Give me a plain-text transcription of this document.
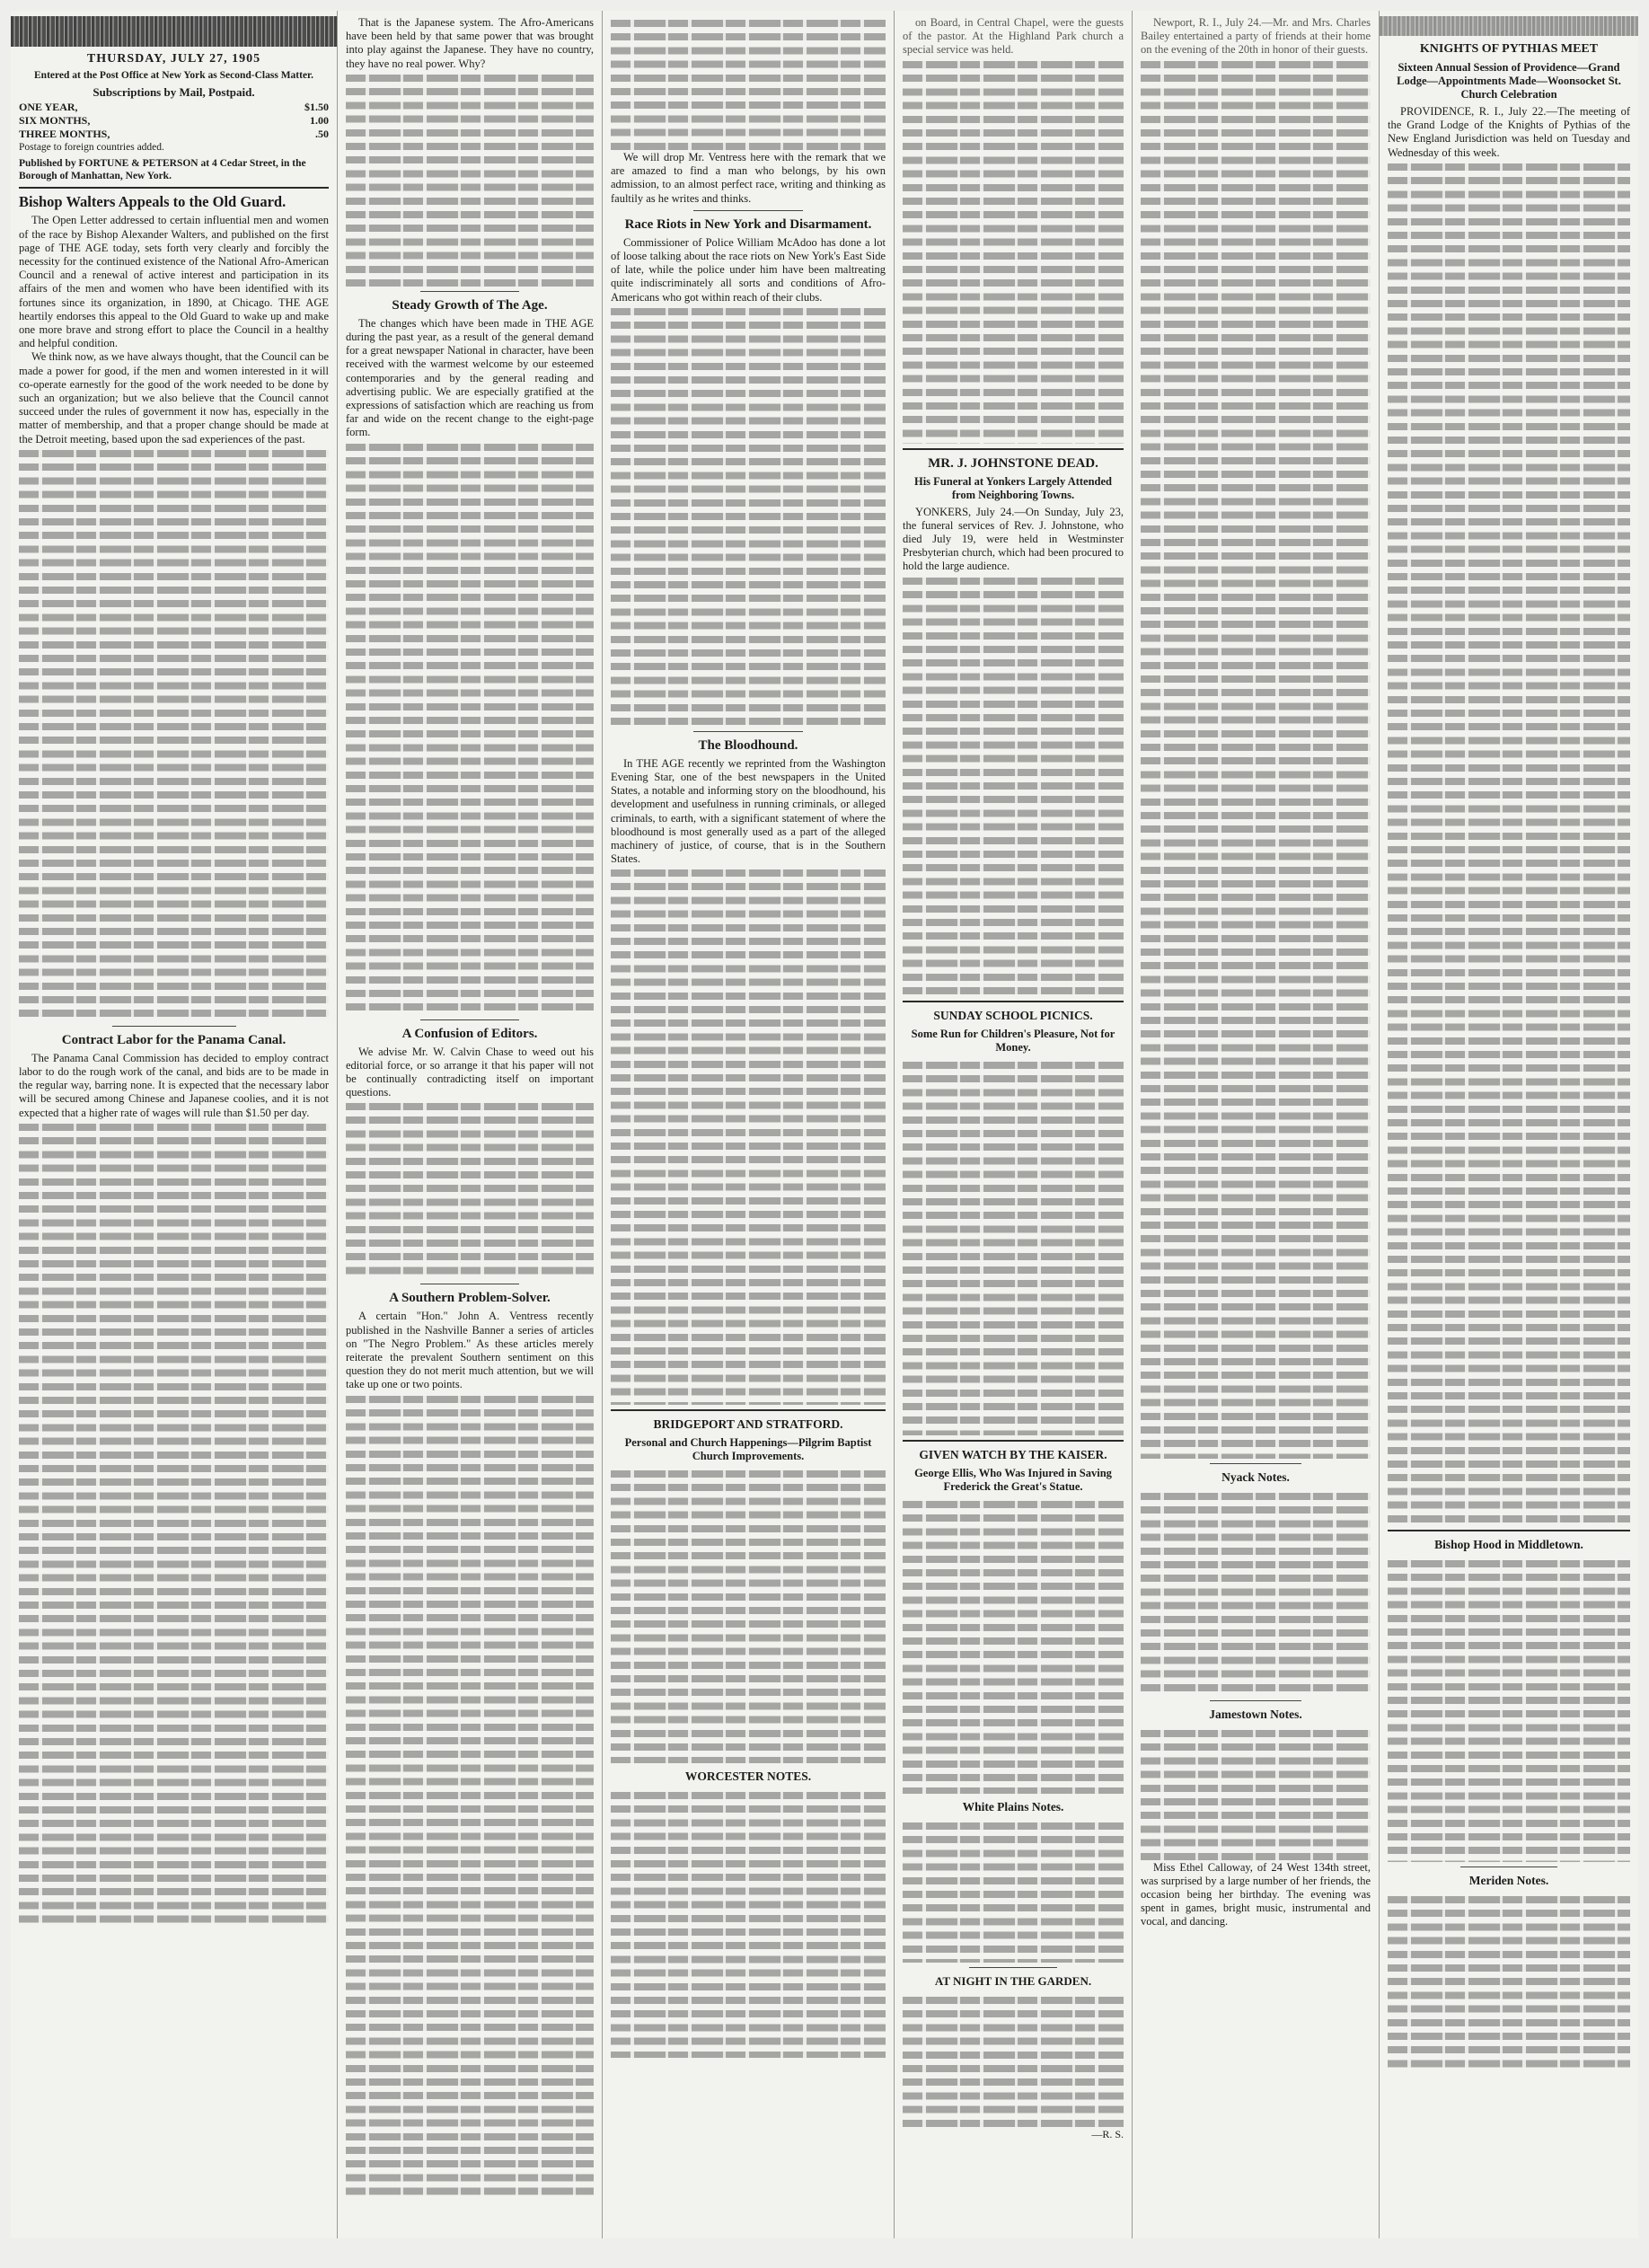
THURSDAY, JULY 27, 1905
Entered at the Post Office at New York as Second-Class Matter.
Subscriptions by Mail, Postpaid.
ONE YEAR,	$1.50
SIX MONTHS,	1.00
THREE MONTHS,	.50
Postage to foreign countries added.
Published by FORTUNE & PETERSON at 4 Cedar Street, in the Borough of Manhattan, New York.
Bishop Walters Appeals to the Old Guard.

The Open Letter addressed to certain influential men and women of the race by Bishop Alexander Walters, and published on the first page of THE AGE today, sets forth very clearly and forcibly the necessity for the continued existence of the National Afro-American Council and a renewal of active interest and participation in its affairs of the men and women who have been identified with its fortunes since its organization, in 1890, at Chicago. THE AGE heartily endorses this appeal to the Old Guard to wake up and make one more brave and strong effort to place the Council in a healthy and helpful condition.

We think now, as we have always thought, that the Council can be made a power for good, if the men and women interested in it will co-operate earnestly for the good of the work needed to be done by such an organization; but we also believe that the Council cannot succeed under the rules of government it now has, especially in the matter of membership, and that a proper change should be made at the Detroit meeting, based upon the sad experiences of the past.

Contract Labor for the Panama Canal.

The Panama Canal Commission has decided to employ contract labor to do the rough work of the canal, and bids are to be made in the regular way, barring none. It is expected that the necessary labor will be secured among Chinese and Japanese coolies, and it is not expected that a higher rate of wages will rule than $1.50 per day.

That is the Japanese system. The Afro-Americans have been held by that same power that was brought into play against the Japanese. They have no country, they have no real power. Why?

Steady Growth of The Age.

The changes which have been made in THE AGE during the past year, as a result of the general demand for a great newspaper National in character, have been received with the warmest welcome by our esteemed contemporaries and by the general reading and advertising public. We are especially gratified at the expressions of satisfaction which are reaching us from far and wide on the recent change to the eight-page form.

A Confusion of Editors.

We advise Mr. W. Calvin Chase to weed out his editorial force, or so arrange it that his paper will not be continually contradicting itself on important questions.

A Southern Problem-Solver.

A certain "Hon." John A. Ventress recently published in the Nashville Banner a series of articles on "The Negro Problem." As these articles merely reiterate the prevalent Southern sentiment on this question they do not merit much attention, but we will take up one or two points.

We will drop Mr. Ventress here with the remark that we are amazed to find a man who belongs, by his own admission, to an almost perfect race, writing and thinking as faultily as he writes and thinks.

Race Riots in New York and Disarmament.

Commissioner of Police William McAdoo has done a lot of loose talking about the race riots on New York's East Side of late, while the police under him have been maltreating quite indiscriminately all sorts and conditions of Afro-Americans who got within reach of their clubs.

The Bloodhound.

In THE AGE recently we reprinted from the Washington Evening Star, one of the best newspapers in the United States, a notable and informing story on the bloodhound, his development and usefulness in running criminals, or alleged criminals, to earth, with a significant statement of where the bloodhound is most generally used as a part of the alleged machinery of justice, of course, that is in the Southern States.

BRIDGEPORT AND STRATFORD.
Personal and Church Happenings—Pilgrim Baptist Church Improvements.
WORCESTER NOTES.

on Board, in Central Chapel, were the guests of the pastor. At the Highland Park church a special service was held.

MR. J. JOHNSTONE DEAD.
His Funeral at Yonkers Largely Attended from Neighboring Towns.

YONKERS, July 24.—On Sunday, July 23, the funeral services of Rev. J. Johnstone, who died July 19, were held in Westminster Presbyterian church, which had been procured to hold the large audience.

SUNDAY SCHOOL PICNICS.
Some Run for Children's Pleasure, Not for Money.
GIVEN WATCH BY THE KAISER.
George Ellis, Who Was Injured in Saving Frederick the Great's Statue.
White Plains Notes.
AT NIGHT IN THE GARDEN.
—R. S.

Newport, R. I., July 24.—Mr. and Mrs. Charles Bailey entertained a party of friends at their home on the evening of the 20th in honor of their guests.

Nyack Notes.
Jamestown Notes.

Miss Ethel Calloway, of 24 West 134th street, was surprised by a large number of her friends, the occasion being her birthday. The evening was spent in games, bright music, instrumental and vocal, and dancing.

KNIGHTS OF PYTHIAS MEET
Sixteen Annual Session of Providence—Grand Lodge—Appointments Made—Woonsocket St. Church Celebration

PROVIDENCE, R. I., July 22.—The meeting of the Grand Lodge of the Knights of Pythias of the New England Jurisdiction was held on Tuesday and Wednesday of this week.

Bishop Hood in Middletown.
Meriden Notes.
